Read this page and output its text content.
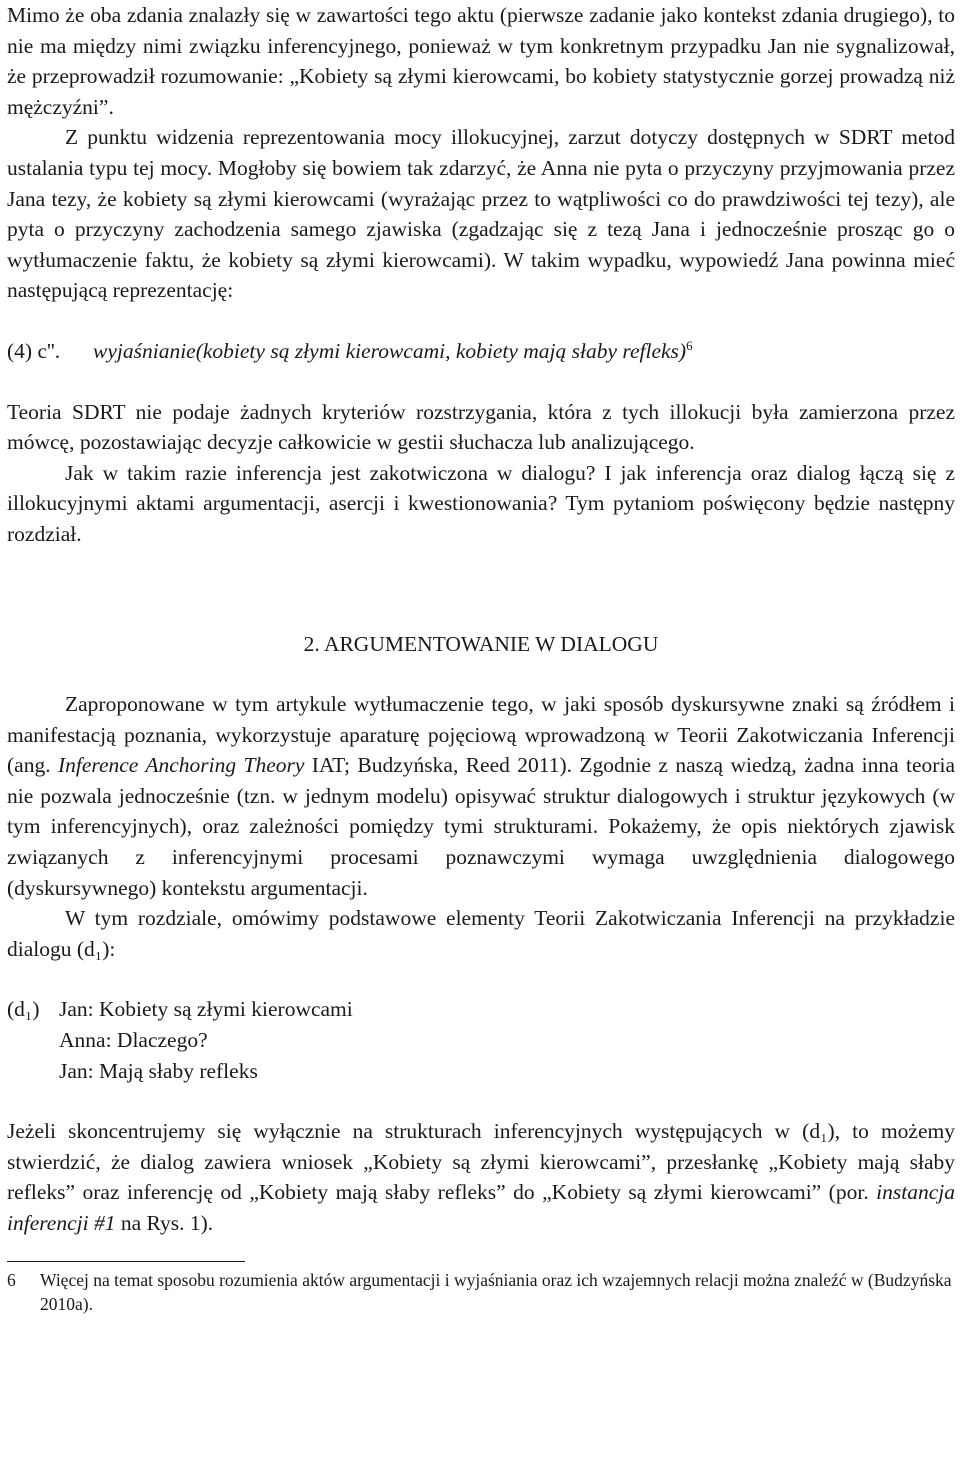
Mimo że oba zdania znalazły się w zawartości tego aktu (pierwsze zadanie jako kontekst zdania drugiego), to nie ma między nimi związku inferencyjnego, ponieważ w tym konkretnym przypadku Jan nie sygnalizował, że przeprowadził rozumowanie: „Kobiety są złymi kierowcami, bo kobiety statystycznie gorzej prowadzą niż mężczyźni”.

Z punktu widzenia reprezentowania mocy illokucyjnej, zarzut dotyczy dostępnych w SDRT metod ustalania typu tej mocy. Mogłoby się bowiem tak zdarzyć, że Anna nie pyta o przyczyny przyjmowania przez Jana tezy, że kobiety są złymi kierowcami (wyrażając przez to wątpliwości co do prawdziwości tej tezy), ale pyta o przyczyny zachodzenia samego zjawiska (zgadzając się z tezą Jana i jednocześnie prosząc go o wytłumaczenie faktu, że kobiety są złymi kierowcami). W takim wypadku, wypowiedź Jana powinna mieć następującą reprezentację:

(4) c''. wyjaśnianie(kobiety są złymi kierowcami, kobiety mają słaby refleks)$^6$

Teoria SDRT nie podaje żadnych kryteriów rozstrzygania, która z tych illokucji była zamierzona przez mówcę, pozostawiając decyzje całkowicie w gestii słuchacza lub analizującego.

Jak w takim razie inferencja jest zakotwiczona w dialogu? I jak inferencja oraz dialog łączą się z illokucyjnymi aktami argumentacji, asercji i kwestionowania? Tym pytaniom poświęcony będzie następny rozdział.

2. ARGUMENTOWANIE W DIALOGU

Zaproponowane w tym artykule wytłumaczenie tego, w jaki sposób dyskursywne znaki są źródłem i manifestacją poznania, wykorzystuje aparaturę pojęciową wprowadzoną w Teorii Zakotwiczania Inferencji (ang. Inference Anchoring Theory IAT; Budzyńska, Reed 2011). Zgodnie z naszą wiedzą, żadna inna teoria nie pozwala jednocześnie (tzn. w jednym modelu) opisywać struktur dialogowych i struktur językowych (w tym inferencyjnych), oraz zależności pomiędzy tymi strukturami. Pokażemy, że opis niektórych zjawisk związanych z inferencyjnymi procesami poznawczymi wymaga uwzględnienia dialogowego (dyskursywnego) kontekstu argumentacji.

W tym rozdziale, omówimy podstawowe elementy Teorii Zakotwiczania Inferencji na przykładzie dialogu (d₁):

(d₁) Jan: Kobiety są złymi kierowcami
Anna: Dlaczego?
Jan: Mają słaby refleks

Jeżeli skoncentrujemy się wyłącznie na strukturach inferencyjnych występujących w (d₁), to możemy stwierdzić, że dialog zawiera wniosek „Kobiety są złymi kierowcami”, przesłankę „Kobiety mają słaby refleks” oraz inferencję od „Kobiety mają słaby refleks” do „Kobiety są złymi kierowcami” (por. instancja inferencji #1 na Rys. 1).

6	Więcej na temat sposobu rozumienia aktów argumentacji i wyjaśniania oraz ich wzajemnych relacji można znaleźć w (Budzyńska 2010a).
